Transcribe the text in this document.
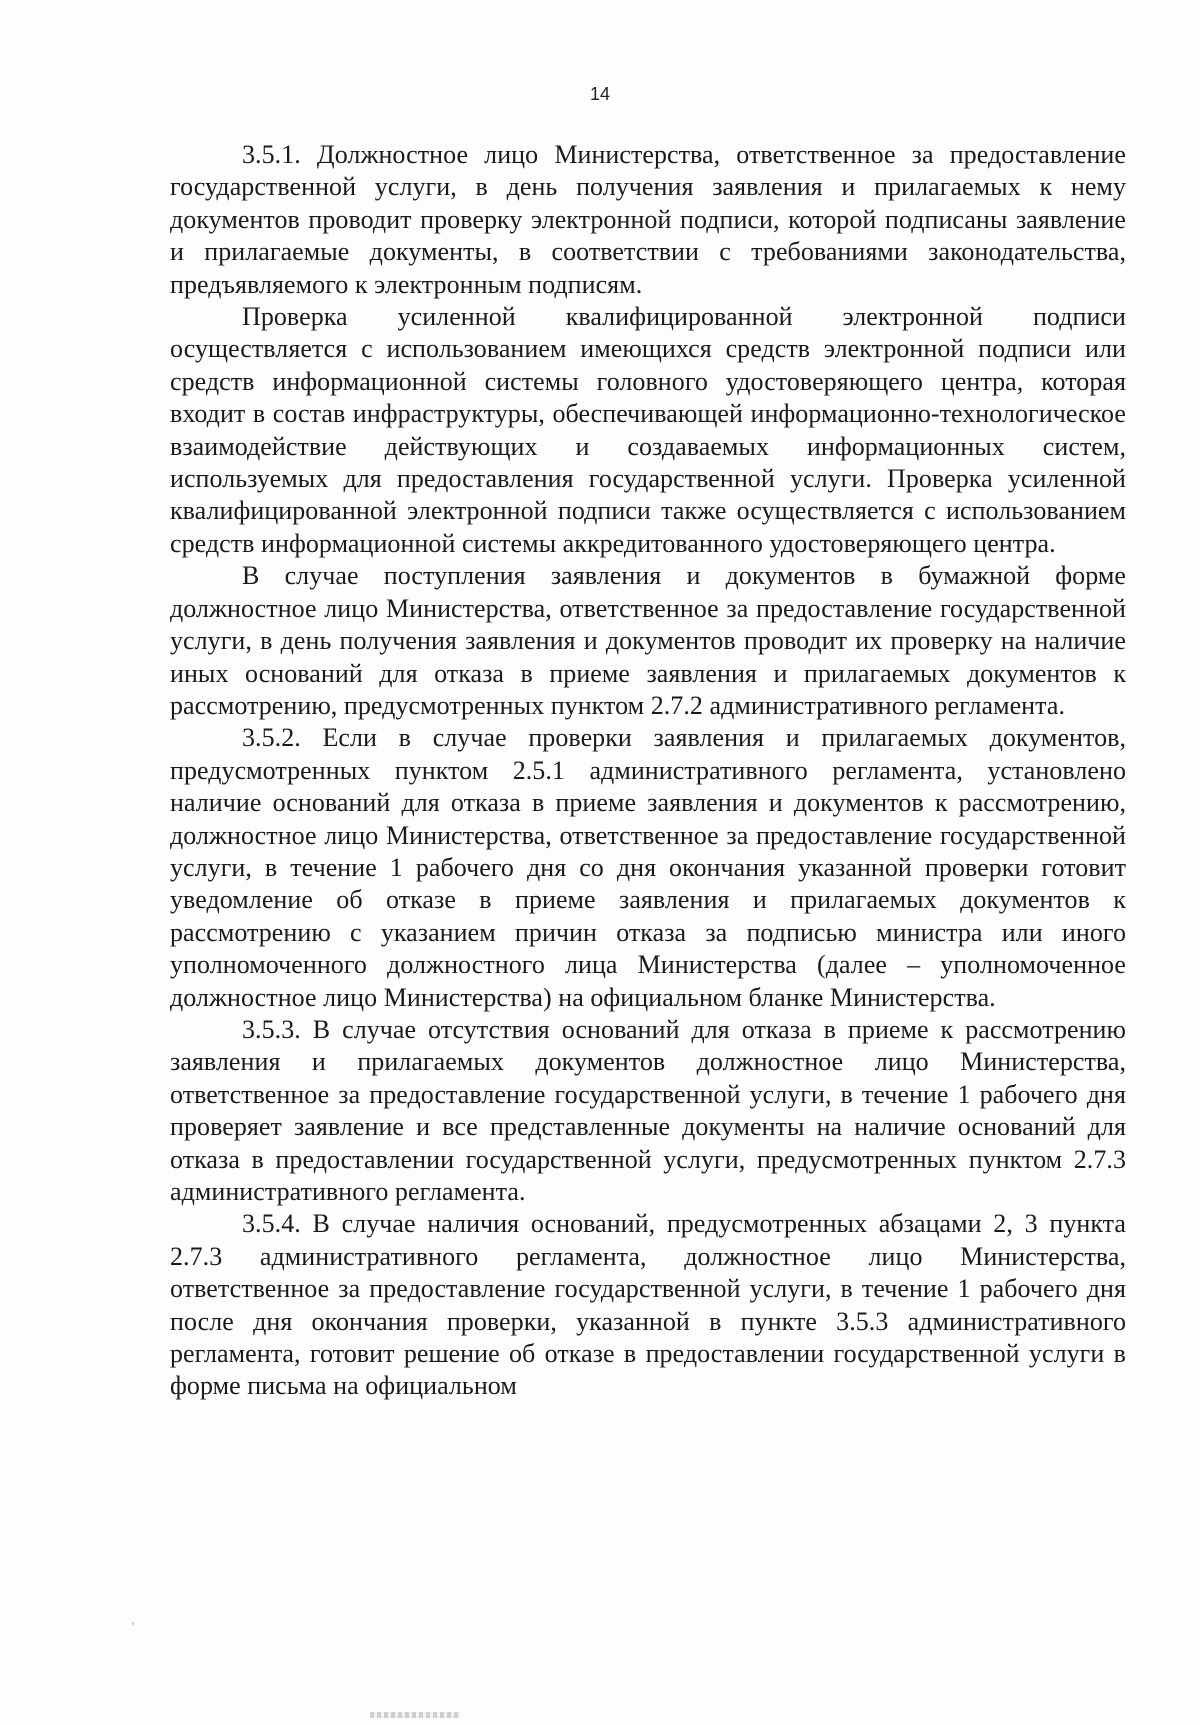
14

3.5.1. Должностное лицо Министерства, ответственное за предоставление государственной услуги, в день получения заявления и прилагаемых к нему документов проводит проверку электронной подписи, которой подписаны заявление и прилагаемые документы, в соответствии с требованиями законодательства, предъявляемого к электронным подписям.

Проверка усиленной квалифицированной электронной подписи осуществляется с использованием имеющихся средств электронной подписи или средств информационной системы головного удостоверяющего центра, которая входит в состав инфраструктуры, обеспечивающей информационно-технологическое взаимодействие действующих и создаваемых информационных систем, используемых для предоставления государственной услуги. Проверка усиленной квалифицированной электронной подписи также осуществляется с использованием средств информационной системы аккредитованного удостоверяющего центра.

В случае поступления заявления и документов в бумажной форме должностное лицо Министерства, ответственное за предоставление государственной услуги, в день получения заявления и документов проводит их проверку на наличие иных оснований для отказа в приеме заявления и прилагаемых документов к рассмотрению, предусмотренных пунктом 2.7.2 административного регламента.

3.5.2. Если в случае проверки заявления и прилагаемых документов, предусмотренных пунктом 2.5.1 административного регламента, установлено наличие оснований для отказа в приеме заявления и документов к рассмотрению, должностное лицо Министерства, ответственное за предоставление государственной услуги, в течение 1 рабочего дня со дня окончания указанной проверки готовит уведомление об отказе в приеме заявления и прилагаемых документов к рассмотрению с указанием причин отказа за подписью министра или иного уполномоченного должностного лица Министерства (далее – уполномоченное должностное лицо Министерства) на официальном бланке Министерства.

3.5.3. В случае отсутствия оснований для отказа в приеме к рассмотрению заявления и прилагаемых документов должностное лицо Министерства, ответственное за предоставление государственной услуги, в течение 1 рабочего дня проверяет заявление и все представленные документы на наличие оснований для отказа в предоставлении государственной услуги, предусмотренных пунктом 2.7.3 административного регламента.

3.5.4. В случае наличия оснований, предусмотренных абзацами 2, 3 пункта 2.7.3 административного регламента, должностное лицо Министерства, ответственное за предоставление государственной услуги, в течение 1 рабочего дня после дня окончания проверки, указанной в пункте 3.5.3 административного регламента, готовит решение об отказе в предоставлении государственной услуги в форме письма на официальном
